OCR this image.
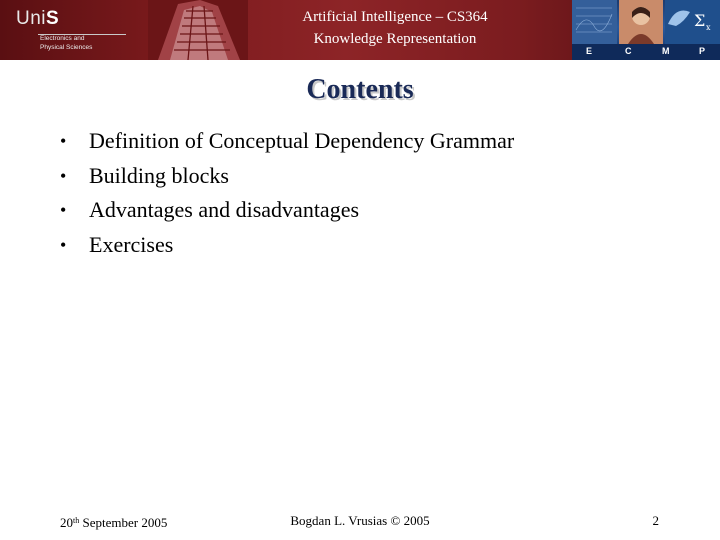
UniS
Electronics and
Physical Sciences
Artificial Intelligence – CS364
Knowledge Representation
Σ x
E	C	M	P
Contents
• Definition of Conceptual Dependency Grammar
• Building blocks
• Advantages and disadvantages
• Exercises
20th September 2005	Bogdan L. Vrusias © 2005	2
